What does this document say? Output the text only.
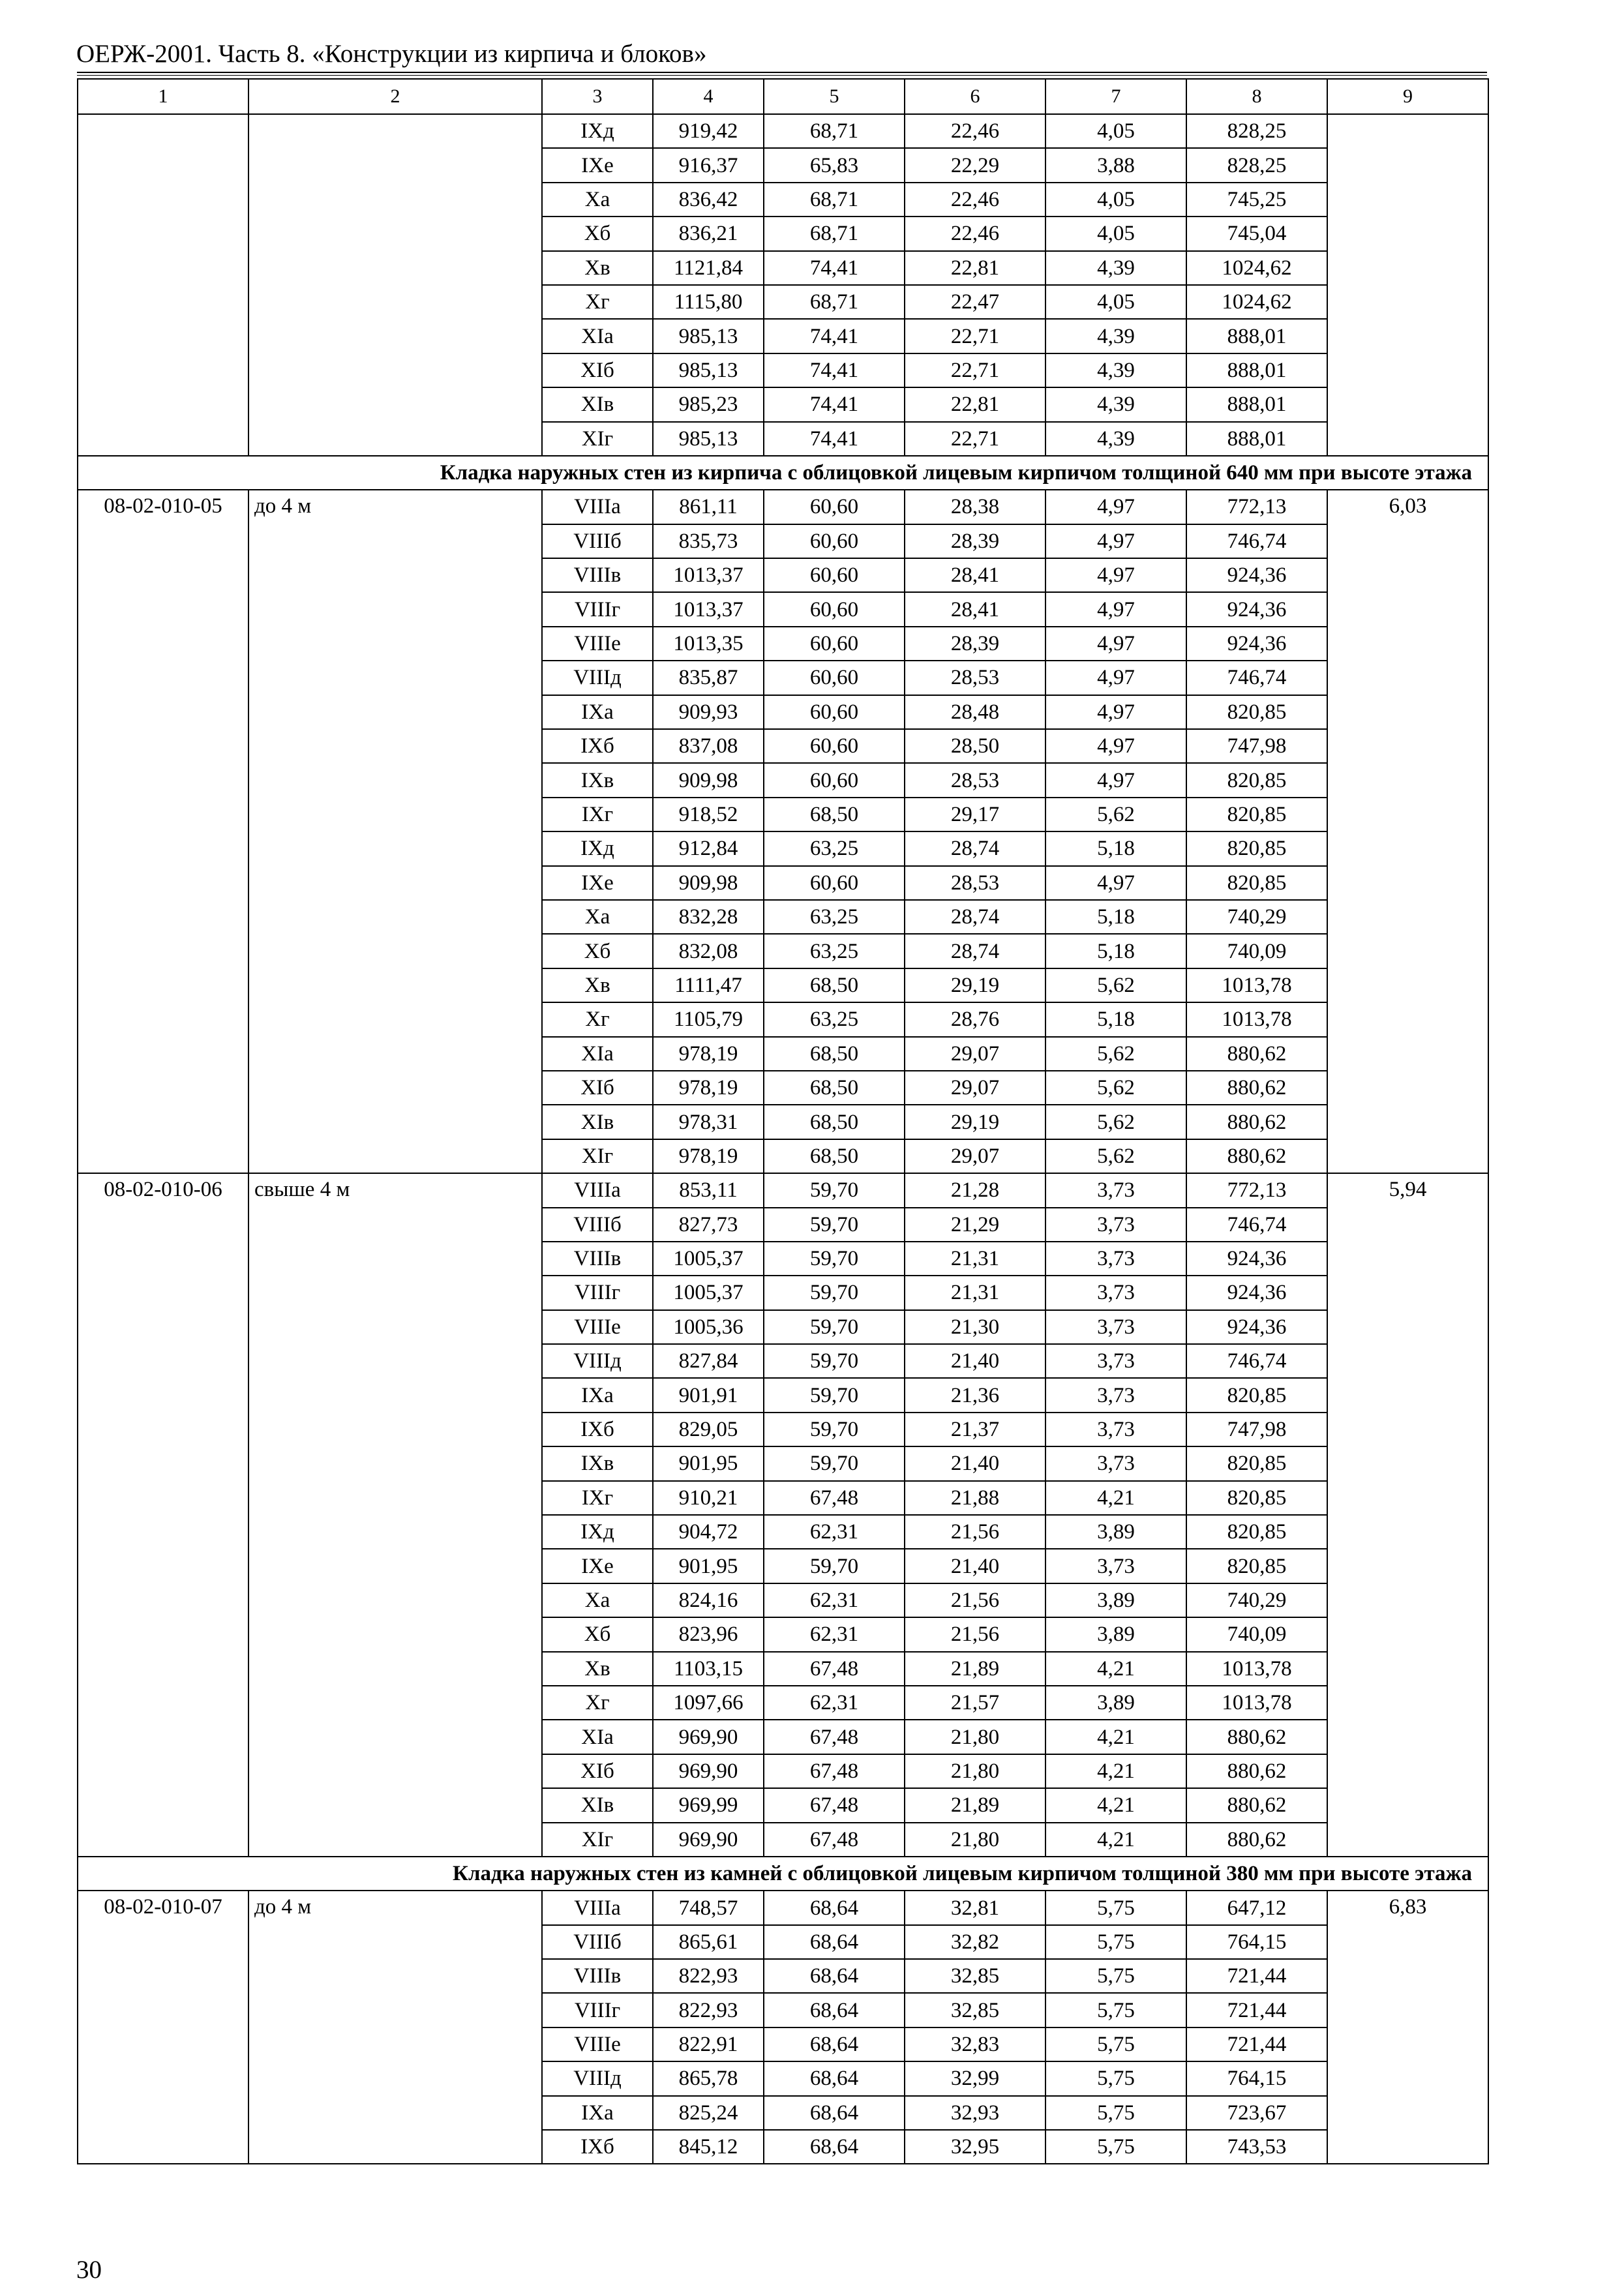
ОЕРЖ-2001. Часть 8. «Конструкции из кирпича и блоков»
1	2	3	4	5	6	7	8	9
		IXд	919,42	68,71	22,46	4,05	828,25	
		IXе	916,37	65,83	22,29	3,88	828,25	
		Xа	836,42	68,71	22,46	4,05	745,25	
		Xб	836,21	68,71	22,46	4,05	745,04	
		Xв	1121,84	74,41	22,81	4,39	1024,62	
		Xг	1115,80	68,71	22,47	4,05	1024,62	
		XIа	985,13	74,41	22,71	4,39	888,01	
		XIб	985,13	74,41	22,71	4,39	888,01	
		XIв	985,23	74,41	22,81	4,39	888,01	
		XIг	985,13	74,41	22,71	4,39	888,01	
Кладка наружных стен из кирпича с облицовкой лицевым кирпичом толщиной 640 мм при высоте этажа								
08-02-010-05	до 4 м	VIIIа	861,11	60,60	28,38	4,97	772,13	6,03
		VIIIб	835,73	60,60	28,39	4,97	746,74	
		VIIIв	1013,37	60,60	28,41	4,97	924,36	
		VIIIг	1013,37	60,60	28,41	4,97	924,36	
		VIIIе	1013,35	60,60	28,39	4,97	924,36	
		VIIIд	835,87	60,60	28,53	4,97	746,74	
		IXа	909,93	60,60	28,48	4,97	820,85	
		IXб	837,08	60,60	28,50	4,97	747,98	
		IXв	909,98	60,60	28,53	4,97	820,85	
		IXг	918,52	68,50	29,17	5,62	820,85	
		IXд	912,84	63,25	28,74	5,18	820,85	
		IXе	909,98	60,60	28,53	4,97	820,85	
		Xа	832,28	63,25	28,74	5,18	740,29	
		Xб	832,08	63,25	28,74	5,18	740,09	
		Xв	1111,47	68,50	29,19	5,62	1013,78	
		Xг	1105,79	63,25	28,76	5,18	1013,78	
		XIа	978,19	68,50	29,07	5,62	880,62	
		XIб	978,19	68,50	29,07	5,62	880,62	
		XIв	978,31	68,50	29,19	5,62	880,62	
		XIг	978,19	68,50	29,07	5,62	880,62	
08-02-010-06	свыше 4 м	VIIIа	853,11	59,70	21,28	3,73	772,13	5,94
		VIIIб	827,73	59,70	21,29	3,73	746,74	
		VIIIв	1005,37	59,70	21,31	3,73	924,36	
		VIIIг	1005,37	59,70	21,31	3,73	924,36	
		VIIIе	1005,36	59,70	21,30	3,73	924,36	
		VIIIд	827,84	59,70	21,40	3,73	746,74	
		IXа	901,91	59,70	21,36	3,73	820,85	
		IXб	829,05	59,70	21,37	3,73	747,98	
		IXв	901,95	59,70	21,40	3,73	820,85	
		IXг	910,21	67,48	21,88	4,21	820,85	
		IXд	904,72	62,31	21,56	3,89	820,85	
		IXе	901,95	59,70	21,40	3,73	820,85	
		Xа	824,16	62,31	21,56	3,89	740,29	
		Xб	823,96	62,31	21,56	3,89	740,09	
		Xв	1103,15	67,48	21,89	4,21	1013,78	
		Xг	1097,66	62,31	21,57	3,89	1013,78	
		XIа	969,90	67,48	21,80	4,21	880,62	
		XIб	969,90	67,48	21,80	4,21	880,62	
		XIв	969,99	67,48	21,89	4,21	880,62	
		XIг	969,90	67,48	21,80	4,21	880,62	
Кладка наружных стен из камней с облицовкой лицевым кирпичом толщиной 380 мм при высоте этажа								
08-02-010-07	до 4 м	VIIIа	748,57	68,64	32,81	5,75	647,12	6,83
		VIIIб	865,61	68,64	32,82	5,75	764,15	
		VIIIв	822,93	68,64	32,85	5,75	721,44	
		VIIIг	822,93	68,64	32,85	5,75	721,44	
		VIIIе	822,91	68,64	32,83	5,75	721,44	
		VIIIд	865,78	68,64	32,99	5,75	764,15	
		IXа	825,24	68,64	32,93	5,75	723,67	
		IXб	845,12	68,64	32,95	5,75	743,53	
30
